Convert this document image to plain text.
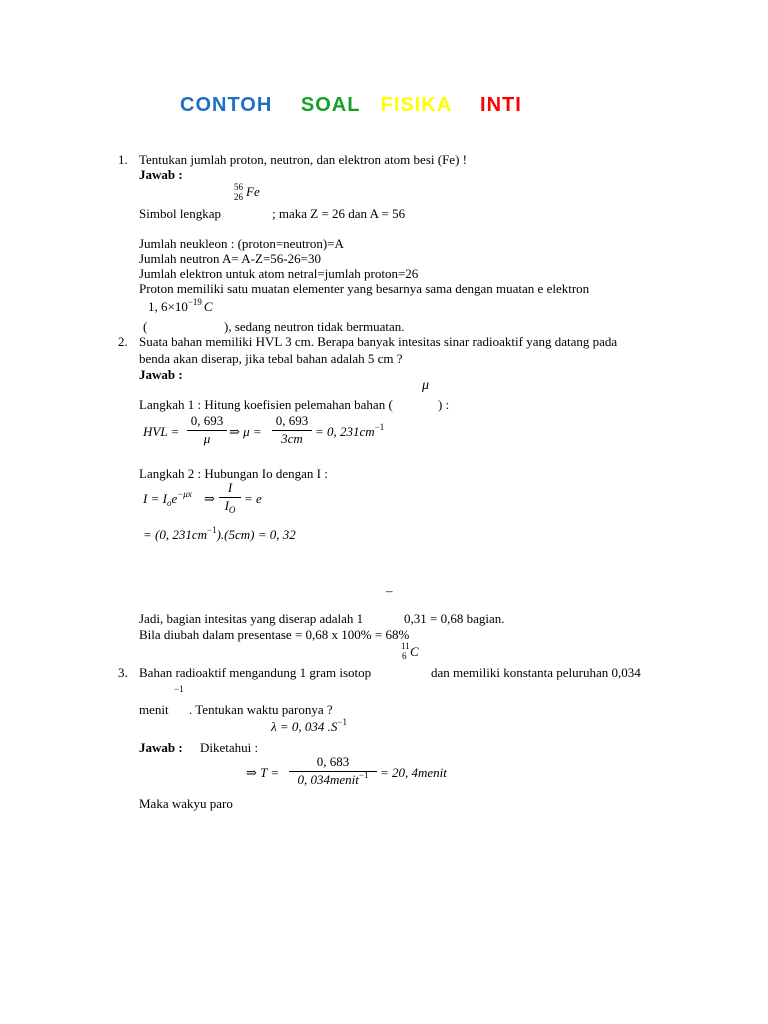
CONTOH SOAL FISIKA INTI
1. Tentukan jumlah proton, neutron, dan elektron atom besi (Fe) !
Jawab :
56
26 Fe
Simbol lengkap	; maka Z = 26 dan A = 56
Jumlah neukleon : (proton=neutron)=A
Jumlah neutron A= A-Z=56-26=30
Jumlah elektron untuk atom netral=jumlah proton=26
Proton memiliki satu muatan elementer yang besarnya sama dengan muatan e elektron
1, $6\times 10^{-19}$ C
(	), sedang neutron tidak bermuatan.
2. Suata bahan memiliki HVL 3 cm. Berapa banyak intesitas sinar radioaktif yang datang pada
benda akan diserap, jika tebal bahan adalah 5 cm ?
Jawab :
μ
Langkah 1 : Hitung koefisien pelemahan bahan (	) :
HVL = $\frac{0, 693}{\mu}$ ⇒ $\mu = \frac{0, 693}{3cm} = 0$, $231cm^{-1}$
Langkah 2 : Hubungan Io dengan I :
$I = I_oe^{-\mu x}$ ⇒ $\frac{I}{I_O} = e$
= (0, $231cm^{-1}).(5cm) = 0$, 32
‒
Jadi, bagian intesitas yang diserap adalah 1	0,31 = 0,68 bagian.
Bila diubah dalam presentase = 0,68 x 100% = 68%
11
6 C
3. Bahan radioaktif mengandung 1 gram isotop	dan memiliki konstanta peluruhan 0,034
−1
menit . Tentukan waktu paronya ?
λ = 0, 034 $.S^{-1}$
Jawab : Diketahui :
⇒ T =
0, 683
0, 034menit$^{-1}$ = 20, 4menit
Maka wakyu paro
